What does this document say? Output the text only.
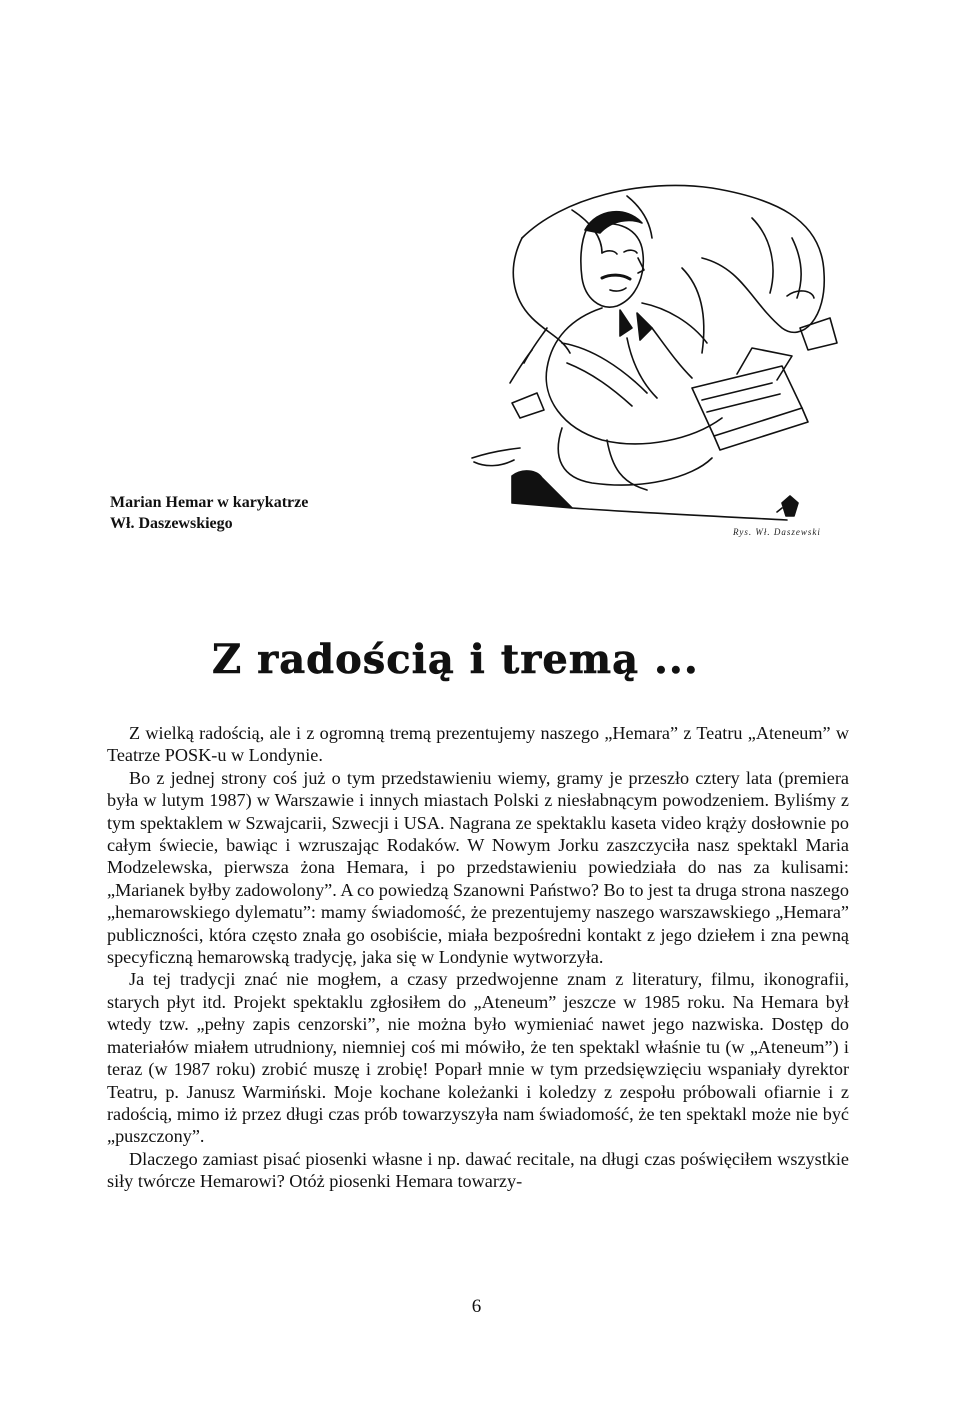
Marian Hemar w karykatrze
Wł. Daszewskiego	Rys. Wł. Daszewski
Z radością i tremą ...

Z wielką radością, ale i z ogromną tremą prezentujemy naszego „Hemara” z Teatru „Ateneum” w Teatrze POSK-u w Londynie.

Bo z jednej strony coś już o tym przedstawieniu wiemy, gramy je przeszło cztery lata (premiera była w lutym 1987) w Warszawie i innych miastach Polski z niesłabnącym powodzeniem. Byliśmy z tym spektaklem w Szwajcarii, Szwecji i USA. Nagrana ze spektaklu kaseta video krąży dosłownie po całym świecie, bawiąc i wzruszając Rodaków. W Nowym Jorku zaszczyciła nasz spektakl Maria Modzelewska, pierwsza żona Hemara, i po przedstawieniu powiedziała do nas za kulisami: „Marianek byłby zadowolony”. A co powiedzą Szanowni Państwo? Bo to jest ta druga strona naszego „hemarowskiego dylematu”: mamy świadomość, że prezentujemy naszego warszawskiego „Hemara” publiczności, która często znała go osobiście, miała bezpośredni kontakt z jego dziełem i zna pewną specyficzną hemarowską tradycję, jaka się w Londynie wytworzyła.

Ja tej tradycji znać nie mogłem, a czasy przedwojenne znam z literatury, filmu, ikonografii, starych płyt itd. Projekt spektaklu zgłosiłem do „Ateneum” jeszcze w 1985 roku. Na Hemara był wtedy tzw. „pełny zapis cenzorski”, nie można było wymieniać nawet jego nazwiska. Dostęp do materiałów miałem utrudniony, niemniej coś mi mówiło, że ten spektakl właśnie tu (w „Ateneum”) i teraz (w 1987 roku) zrobić muszę i zrobię! Poparł mnie w tym przedsięwzięciu wspaniały dyrektor Teatru, p. Janusz Warmiński. Moje kochane koleżanki i koledzy z zespołu próbowali ofiarnie i z radością, mimo iż przez długi czas prób towarzyszyła nam świadomość, że ten spektakl może nie być „puszczony”.

Dlaczego zamiast pisać piosenki własne i np. dawać recitale, na długi czas poświęciłem wszystkie siły twórcze Hemarowi? Otóż piosenki Hemara towarzy-

6
